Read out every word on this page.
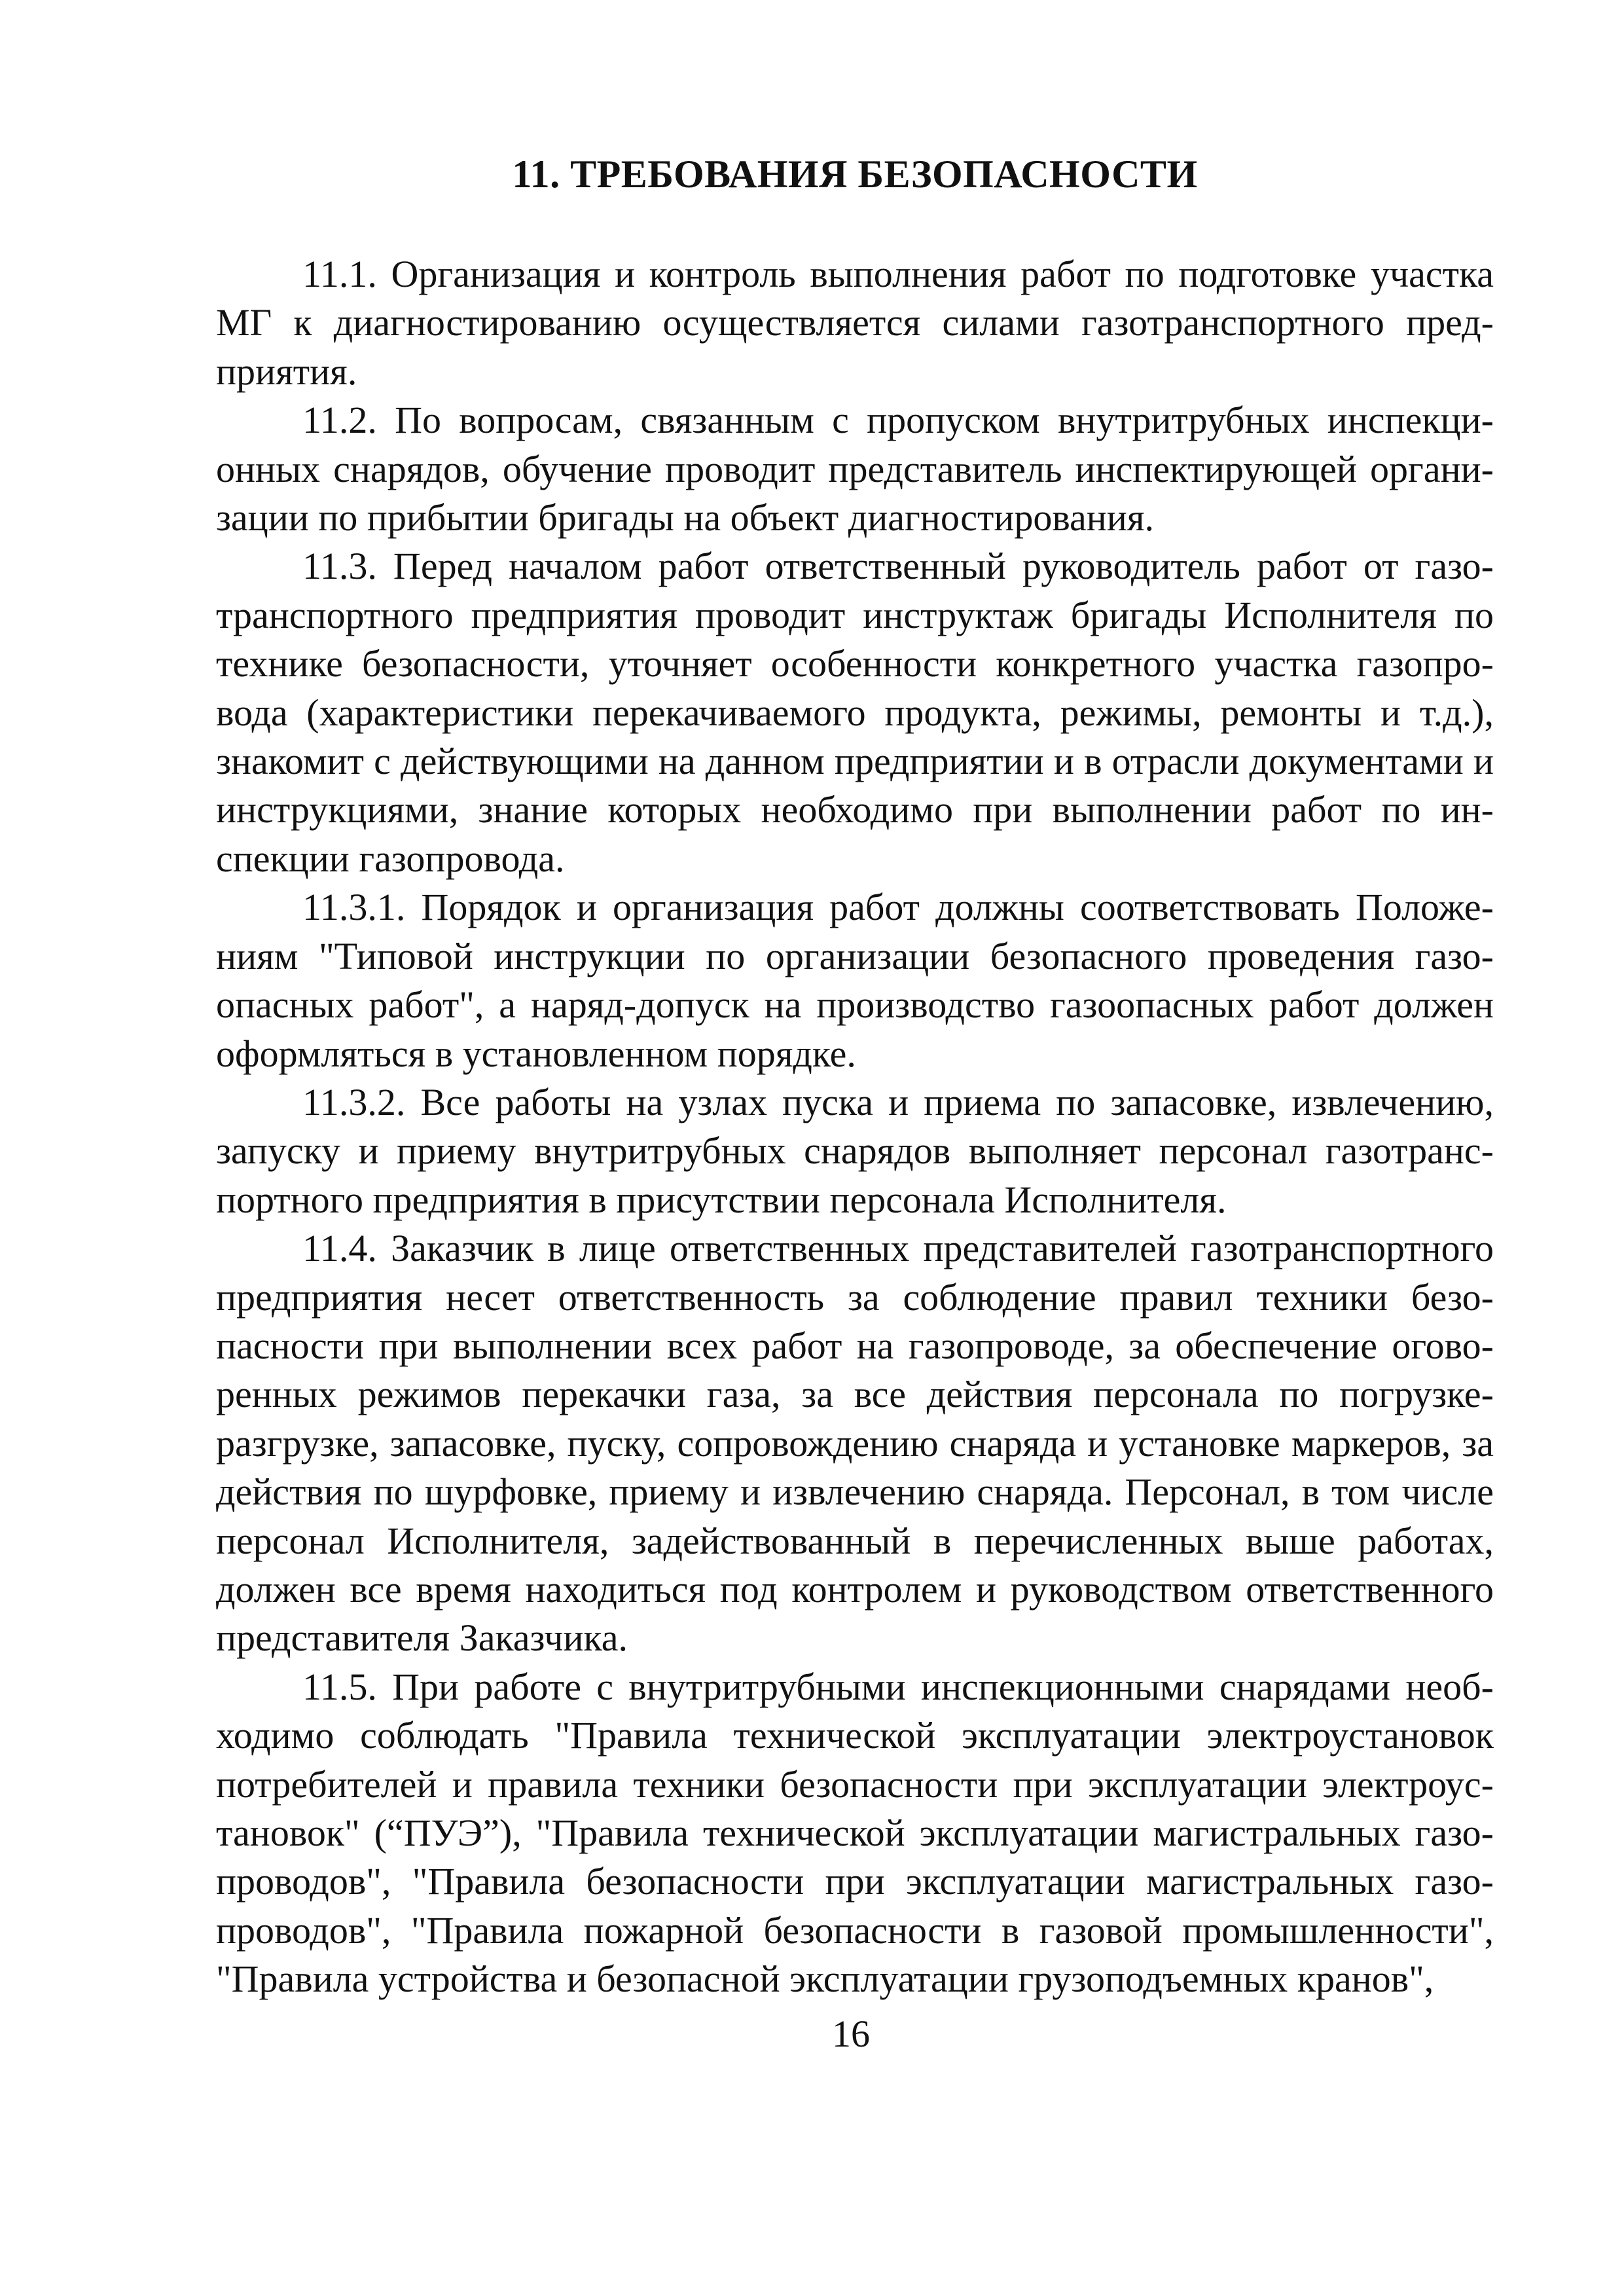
11. ТРЕБОВАНИЯ БЕЗОПАСНОСТИ

11.1. Организация и контроль выполнения работ по подготовке участка МГ к диагностированию осуществляется силами газотранспортного предприятия.

11.2. По вопросам, связанным с пропуском внутритрубных инспекционных снарядов, обучение проводит представитель инспектирующей организации по прибытии бригады на объект диагностирования.

11.3. Перед началом работ ответственный руководитель работ от газотранспортного предприятия проводит инструктаж бригады Исполнителя по технике безопасности, уточняет особенности конкретного участка газопровода (характеристики перекачиваемого продукта, режимы, ремонты и т.д.), знакомит с действующими на данном предприятии и в отрасли документами и инструкциями, знание которых необходимо при выполнении работ по инспекции газопровода.

11.3.1. Порядок и организация работ должны соответствовать Положениям "Типовой инструкции по организации безопасного проведения газоопасных работ", а наряд-допуск на производство газоопасных работ должен оформляться в установленном порядке.

11.3.2. Все работы на узлах пуска и приема по запасовке, извлечению, запуску и приему внутритрубных снарядов выполняет персонал газотранспортного предприятия в присутствии персонала Исполнителя.

11.4. Заказчик в лице ответственных представителей газотранспортного предприятия несет ответственность за соблюдение правил техники безопасности при выполнении всех работ на газопроводе, за обеспечение оговоренных режимов перекачки газа, за все действия персонала по погрузке-разгрузке, запасовке, пуску, сопровождению снаряда и установке маркеров, за действия по шурфовке, приему и извлечению снаряда. Персонал, в том числе персонал Исполнителя, задействованный в перечисленных выше работах, должен все время находиться под контролем и руководством ответственного представителя Заказчика.

11.5. При работе с внутритрубными инспекционными снарядами необходимо соблюдать "Правила технической эксплуатации электроустановок потребителей и правила техники безопасности при эксплуатации электроустановок" (“ПУЭ”), "Правила технической эксплуатации магистральных газопроводов", "Правила безопасности при эксплуатации магистральных газопроводов", "Правила пожарной безопасности в газовой промышленности", "Правила устройства и безопасной эксплуатации грузоподъемных кранов",

16
